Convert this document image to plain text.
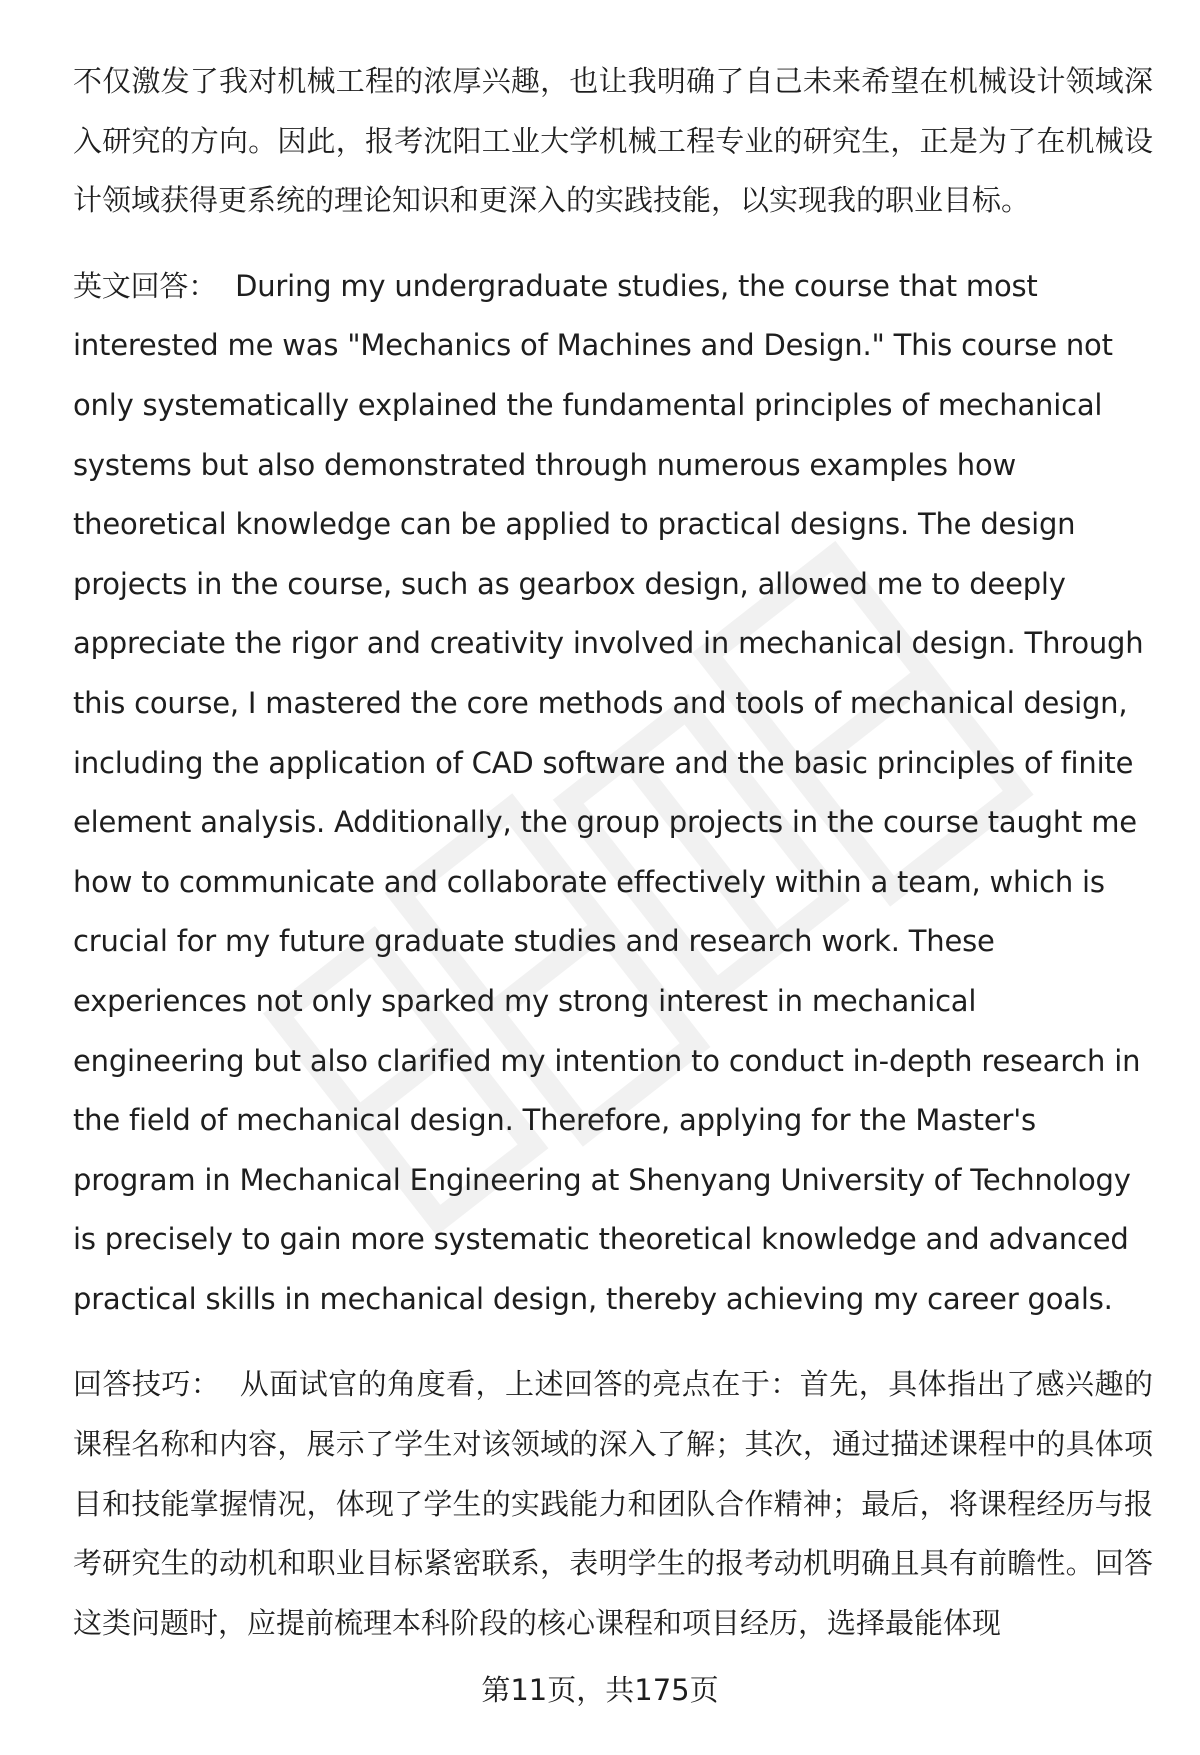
不仅激发了我对机械工程的浓厚兴趣，也让我明确了自己未来希望在机械设计领域深入研究的方向。因此，报考沈阳工业大学机械工程专业的研究生，正是为了在机械设计领域获得更系统的理论知识和更深入的实践技能，以实现我的职业目标。

英文回答： During my undergraduate studies, the course that most interested me was "Mechanics of Machines and Design." This course not only systematically explained the fundamental principles of mechanical systems but also demonstrated through numerous examples how theoretical knowledge can be applied to practical designs. The design projects in the course, such as gearbox design, allowed me to deeply appreciate the rigor and creativity involved in mechanical design. Through this course, I mastered the core methods and tools of mechanical design, including the application of CAD software and the basic principles of finite element analysis. Additionally, the group projects in the course taught me how to communicate and collaborate effectively within a team, which is crucial for my future graduate studies and research work. These experiences not only sparked my strong interest in mechanical engineering but also clarified my intention to conduct in-depth research in the field of mechanical design. Therefore, applying for the Master's program in Mechanical Engineering at Shenyang University of Technology is precisely to gain more systematic theoretical knowledge and advanced practical skills in mechanical design, thereby achieving my career goals.

回答技巧： 从面试官的角度看，上述回答的亮点在于：首先，具体指出了感兴趣的课程名称和内容，展示了学生对该领域的深入了解；其次，通过描述课程中的具体项目和技能掌握情况，体现了学生的实践能力和团队合作精神；最后，将课程经历与报考研究生的动机和职业目标紧密联系，表明学生的报考动机明确且具有前瞻性。回答这类问题时，应提前梳理本科阶段的核心课程和项目经历，选择最能体现

第11页，共175页
